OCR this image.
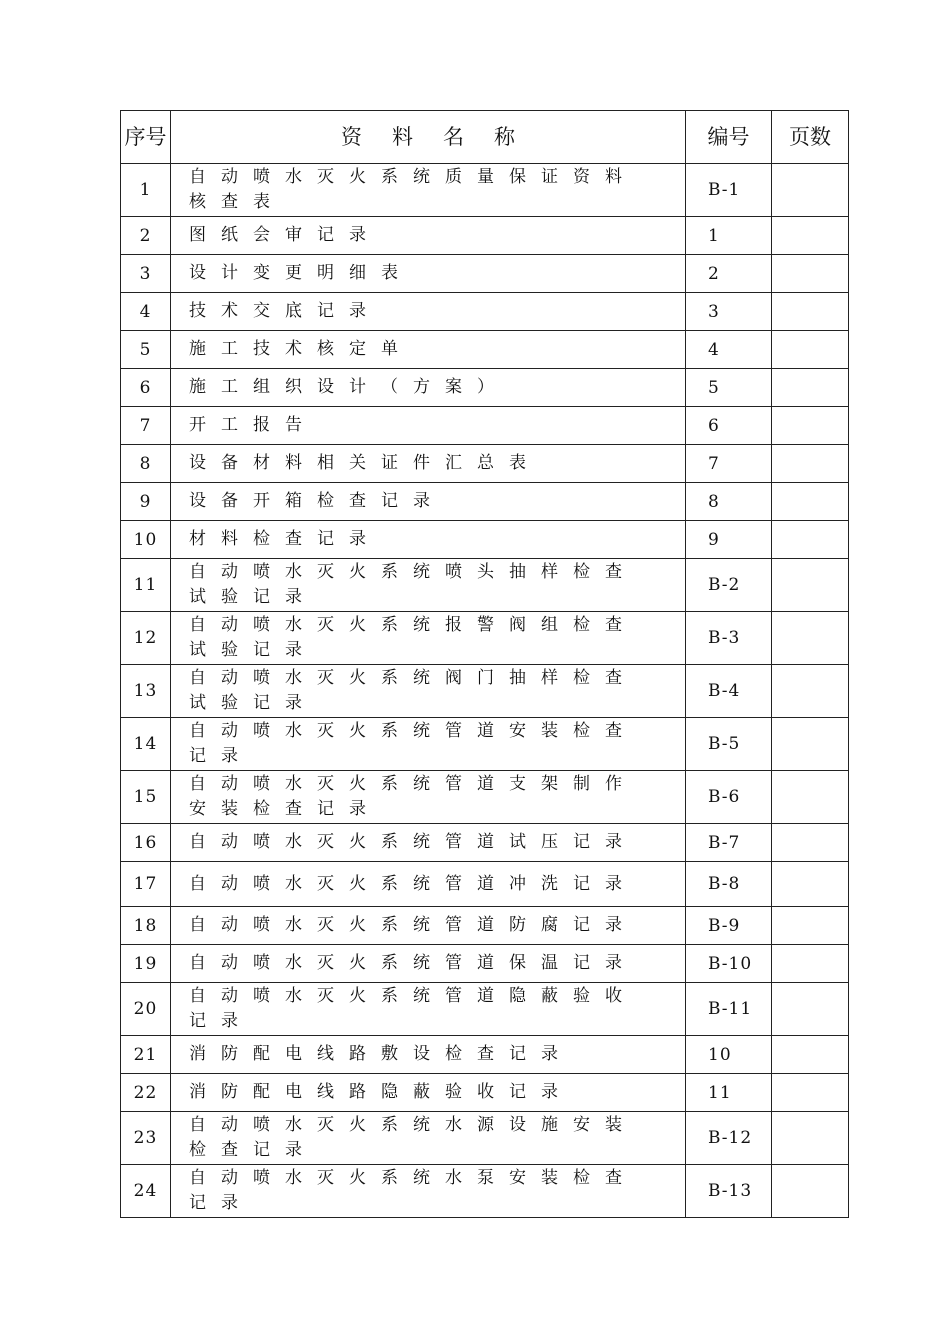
序号	资料名称	编号	页数
1	自动喷水灭火系统质量保证资料核查表	B-1	
2	图纸会审记录	1	
3	设计变更明细表	2	
4	技术交底记录	3	
5	施工技术核定单	4	
6	施工组织设计（方案）	5	
7	开工报告	6	
8	设备材料相关证件汇总表	7	
9	设备开箱检查记录	8	
10	材料检查记录	9	
11	自动喷水灭火系统喷头抽样检查试验记录	B-2	
12	自动喷水灭火系统报警阀组检查试验记录	B-3	
13	自动喷水灭火系统阀门抽样检查试验记录	B-4	
14	自动喷水灭火系统管道安装检查记录	B-5	
15	自动喷水灭火系统管道支架制作安装检查记录	B-6	
16	自动喷水灭火系统管道试压记录	B-7	
17	自动喷水灭火系统管道冲洗记录	B-8	
18	自动喷水灭火系统管道防腐记录	B-9	
19	自动喷水灭火系统管道保温记录	B-10	
20	自动喷水灭火系统管道隐蔽验收记录	B-11	
21	消防配电线路敷设检查记录	10	
22	消防配电线路隐蔽验收记录	11	
23	自动喷水灭火系统水源设施安装检查记录	B-12	
24	自动喷水灭火系统水泵安装检查记录	B-13	
